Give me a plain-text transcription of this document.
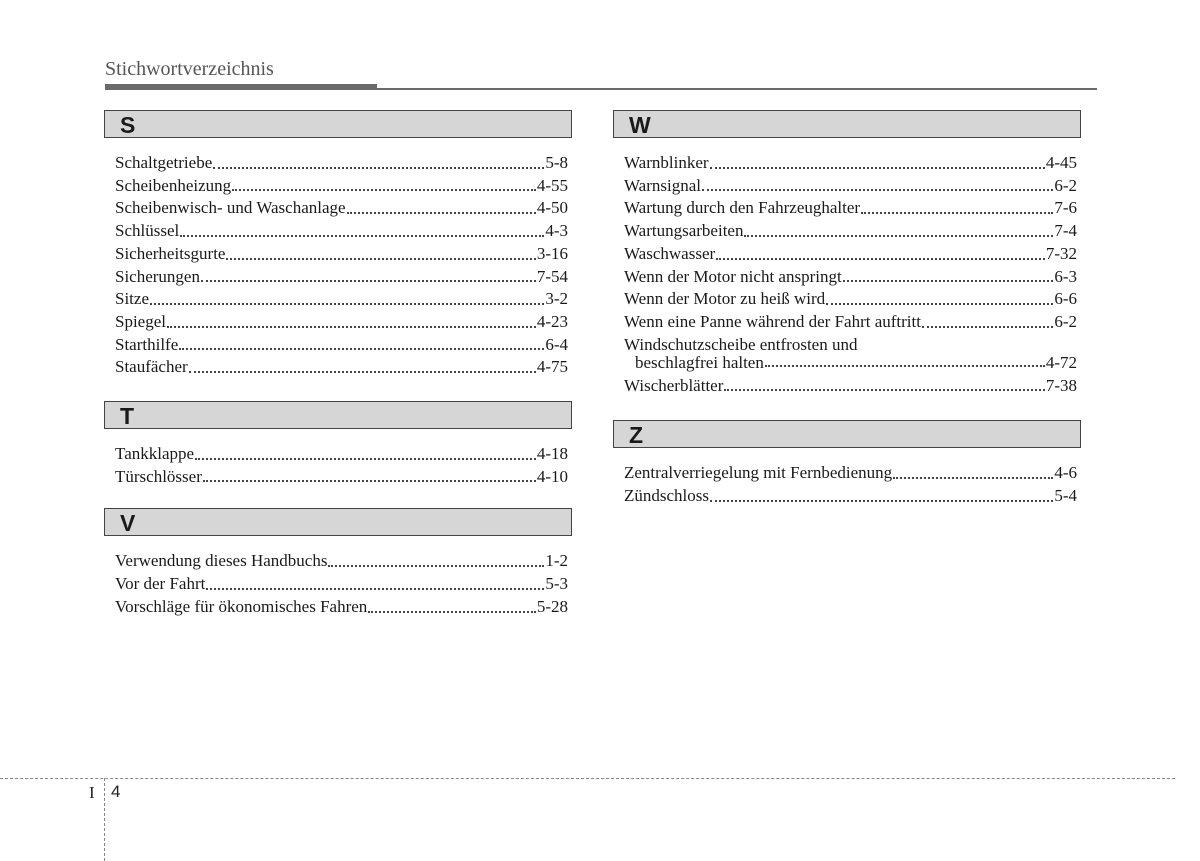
Stichwortverzeichnis
S
Schaltgetriebe	5-8
Scheibenheizung	4-55
Scheibenwisch- und Waschanlage	4-50
Schlüssel	4-3
Sicherheitsgurte	3-16
Sicherungen	7-54
Sitze	3-2
Spiegel	4-23
Starthilfe	6-4
Staufächer	4-75
T
Tankklappe	4-18
Türschlösser	4-10
V
Verwendung dieses Handbuchs	1-2
Vor der Fahrt	5-3
Vorschläge für ökonomisches Fahren	5-28
W
Warnblinker	4-45
Warnsignal	6-2
Wartung durch den Fahrzeughalter	7-6
Wartungsarbeiten	7-4
Waschwasser	7-32
Wenn der Motor nicht anspringt	6-3
Wenn der Motor zu heiß wird	6-6
Wenn eine Panne während der Fahrt auftritt	6-2
Windschutzscheibe entfrosten und
beschlagfrei halten	4-72
Wischerblätter	7-38
Z
Zentralverriegelung mit Fernbedienung	4-6
Zündschloss	5-4
I 4
